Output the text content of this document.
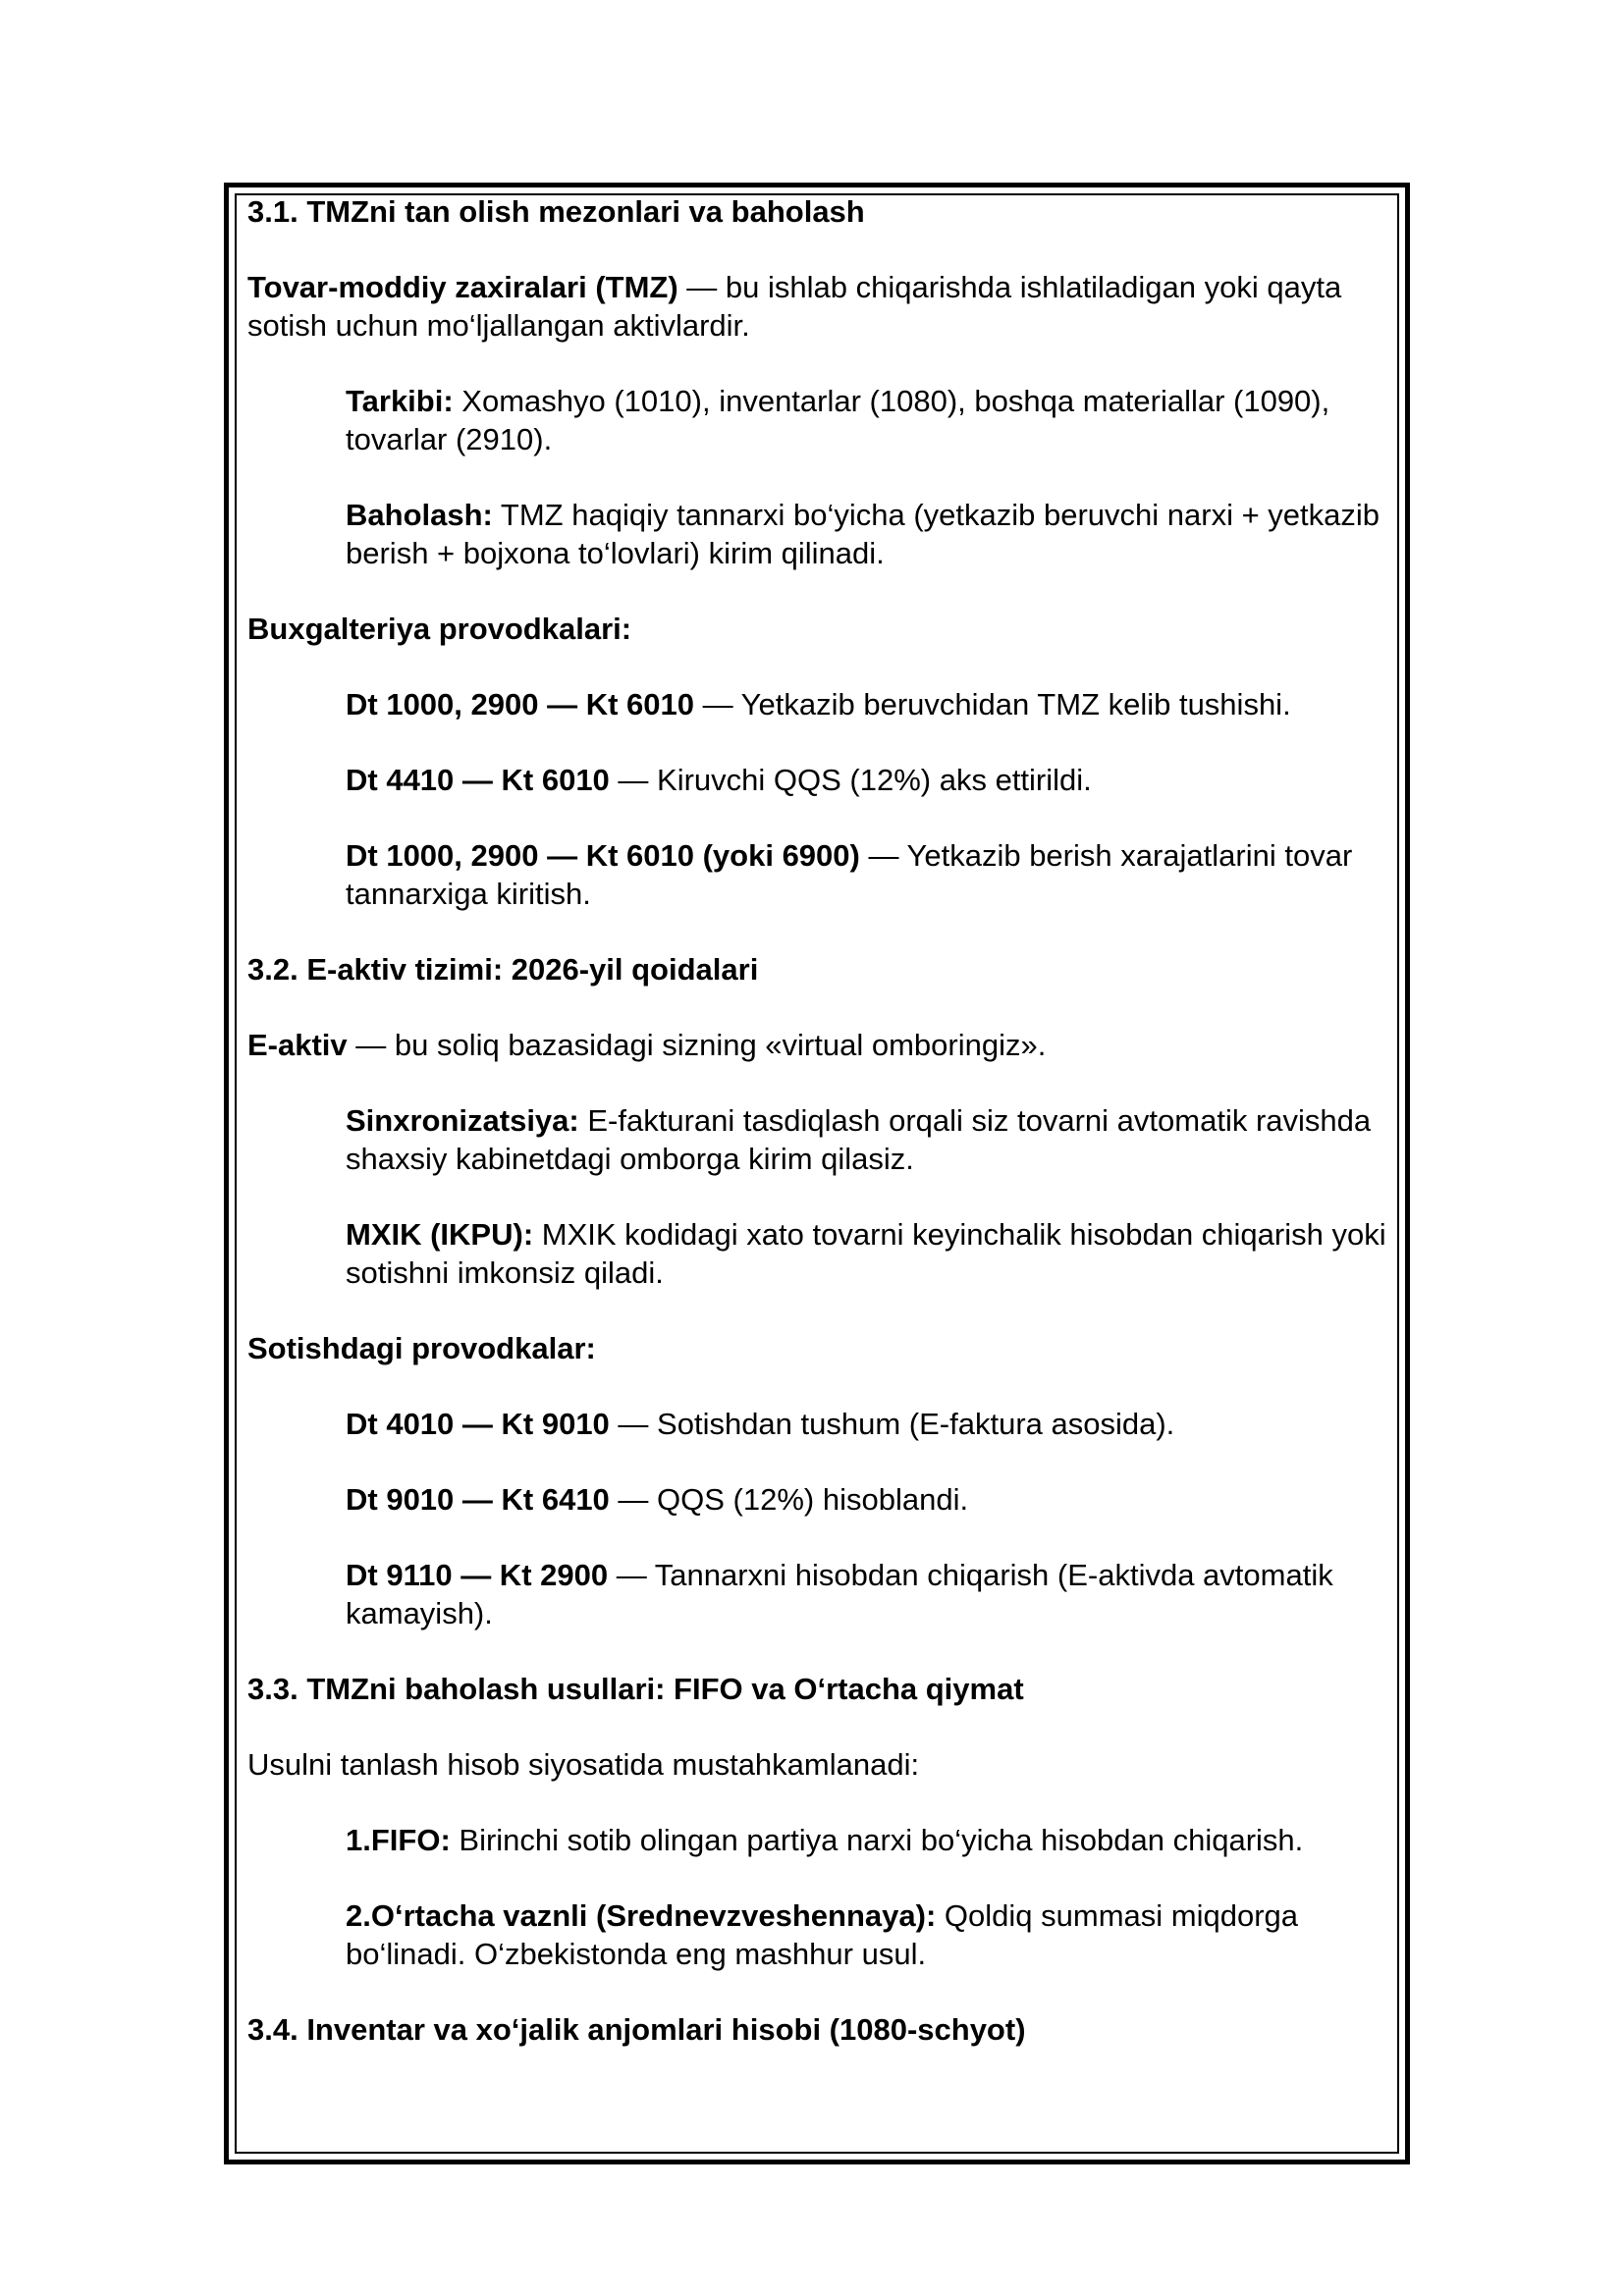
3.1. TMZni tan olish mezonlari va baholash

Tovar-moddiy zaxiralari (TMZ) — bu ishlab chiqarishda ishlatiladigan yoki qayta sotish uchun mo‘ljallangan aktivlardir.

Tarkibi: Xomashyo (1010), inventarlar (1080), boshqa materiallar (1090), tovarlar (2910).

Baholash: TMZ haqiqiy tannarxi bo‘yicha (yetkazib beruvchi narxi + yetkazib berish + bojxona to‘lovlari) kirim qilinadi.

Buxgalteriya provodkalari:

Dt 1000, 2900 — Kt 6010 — Yetkazib beruvchidan TMZ kelib tushishi.

Dt 4410 — Kt 6010 — Kiruvchi QQS (12%) aks ettirildi.

Dt 1000, 2900 — Kt 6010 (yoki 6900) — Yetkazib berish xarajatlarini tovar tannarxiga kiritish.

3.2. E-aktiv tizimi: 2026-yil qoidalari

E-aktiv — bu soliq bazasidagi sizning «virtual omboringiz».

Sinxronizatsiya: E-fakturani tasdiqlash orqali siz tovarni avtomatik ravishda shaxsiy kabinetdagi omborga kirim qilasiz.

MXIK (IKPU): MXIK kodidagi xato tovarni keyinchalik hisobdan chiqarish yoki sotishni imkonsiz qiladi.

Sotishdagi provodkalar:

Dt 4010 — Kt 9010 — Sotishdan tushum (E-faktura asosida).

Dt 9010 — Kt 6410 — QQS (12%) hisoblandi.

Dt 9110 — Kt 2900 — Tannarxni hisobdan chiqarish (E-aktivda avtomatik kamayish).

3.3. TMZni baholash usullari: FIFO va O‘rtacha qiymat

Usulni tanlash hisob siyosatida mustahkamlanadi:

1.FIFO: Birinchi sotib olingan partiya narxi bo‘yicha hisobdan chiqarish.

2.O‘rtacha vaznli (Srednevzveshennaya): Qoldiq summasi miqdorga bo‘linadi. O‘zbekistonda eng mashhur usul.

3.4. Inventar va xo‘jalik anjomlari hisobi (1080-schyot)
